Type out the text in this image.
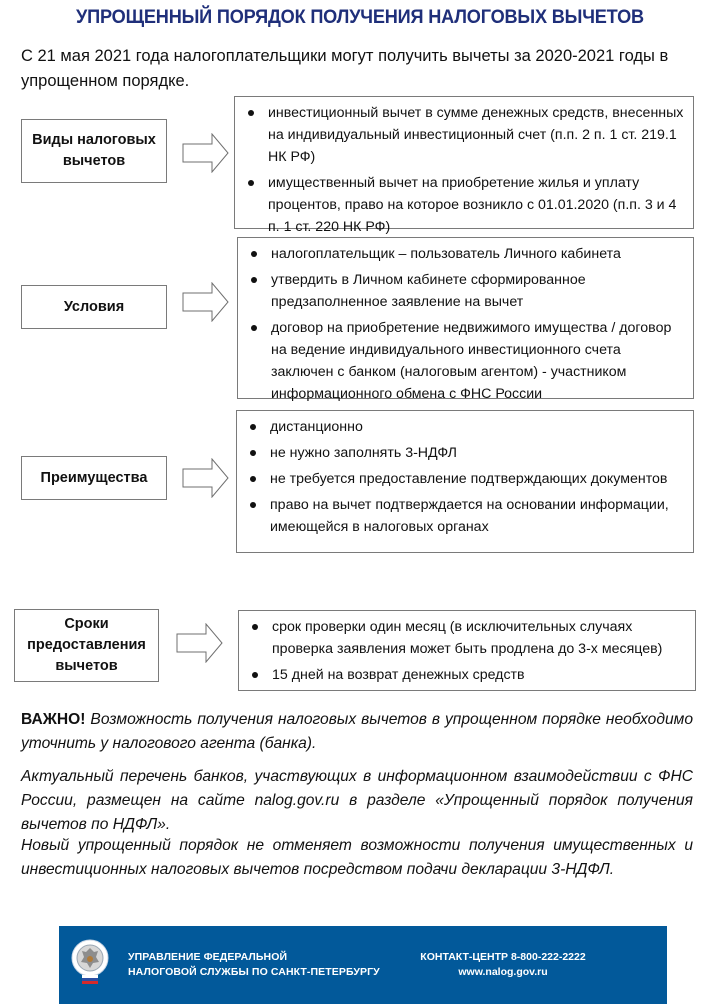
УПРОЩЕННЫЙ ПОРЯДОК ПОЛУЧЕНИЯ НАЛОГОВЫХ ВЫЧЕТОВ
С 21 мая 2021 года налогоплательщики могут получить вычеты за 2020-2021 годы в упрощенном порядке.
Виды налоговых вычетов
инвестиционный вычет в сумме денежных средств, внесенных на индивидуальный инвестиционный счет (п.п. 2 п. 1 ст. 219.1 НК РФ)
имущественный вычет на приобретение жилья и уплату процентов, право на которое возникло с 01.01.2020 (п.п. 3 и 4 п. 1 ст. 220 НК РФ)
Условия
налогоплательщик – пользователь Личного кабинета
утвердить в Личном кабинете сформированное предзаполненное заявление на вычет
договор на приобретение недвижимого имущества / договор на ведение индивидуального инвестиционного счета заключен с банком (налоговым агентом) - участником информационного обмена с ФНС России
Преимущества
дистанционно
не нужно заполнять 3-НДФЛ
не требуется предоставление подтверждающих документов
право на вычет подтверждается на основании информации, имеющейся в налоговых органах
Сроки предоставления вычетов
срок проверки один месяц (в исключительных случаях проверка заявления может быть продлена до 3-х месяцев)
15 дней на возврат денежных средств
ВАЖНО! Возможность получения налоговых вычетов в упрощенном порядке необходимо уточнить у налогового агента (банка).
Актуальный перечень банков, участвующих в информационном взаимодействии с ФНС России, размещен на сайте nalog.gov.ru в разделе «Упрощенный порядок получения вычетов по НДФЛ».
Новый упрощенный порядок не отменяет возможности получения имущественных и инвестиционных налоговых вычетов посредством подачи декларации 3-НДФЛ.
УПРАВЛЕНИЕ ФЕДЕРАЛЬНОЙ
НАЛОГОВОЙ СЛУЖБЫ ПО САНКТ-ПЕТЕРБУРГУ
КОНТАКТ-ЦЕНТР 8-800-222-2222
www.nalog.gov.ru
